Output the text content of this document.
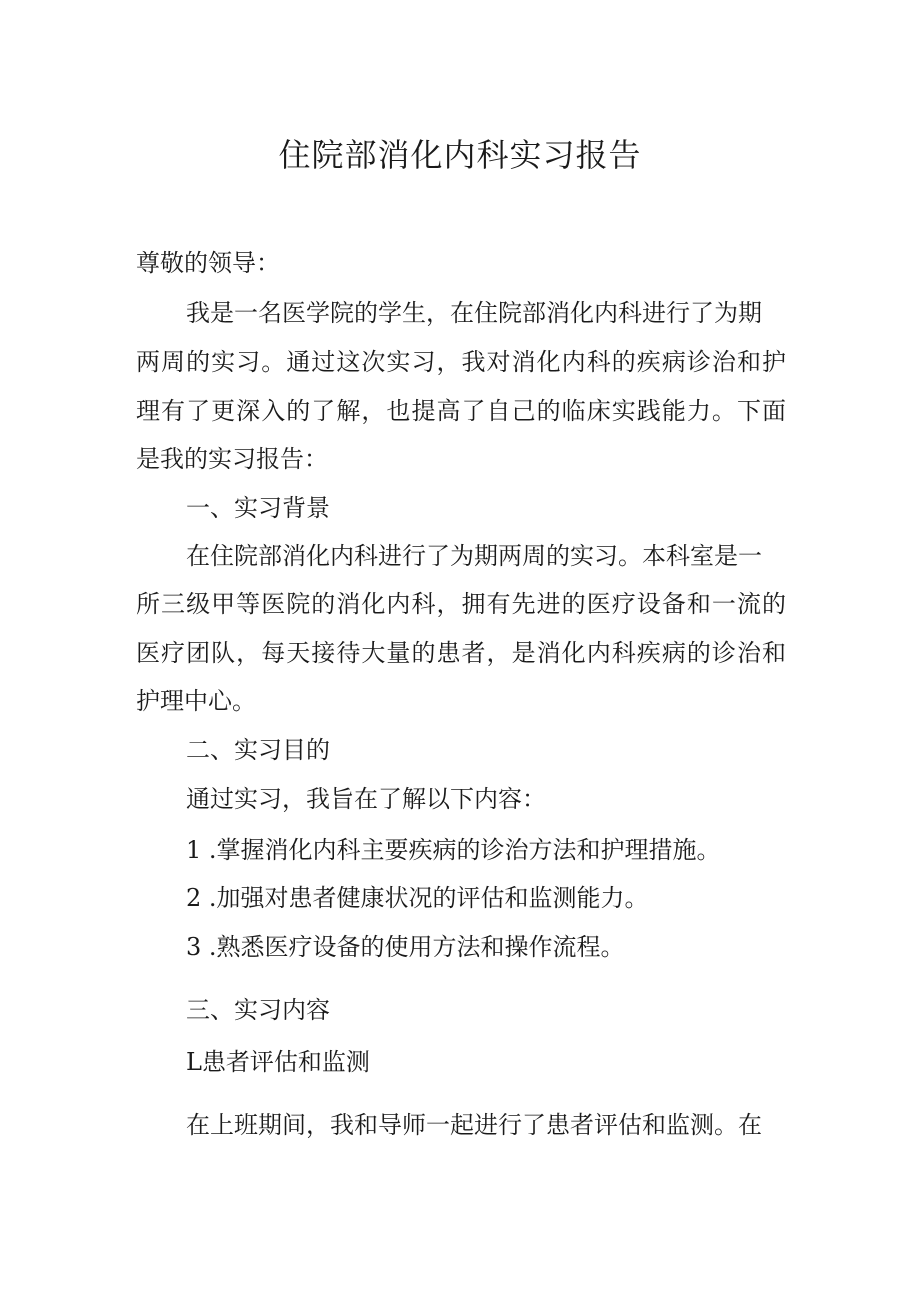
住院部消化内科实习报告

尊敬的领导：

我是一名医学院的学生，在住院部消化内科进行了为期

两周的实习。通过这次实习，我对消化内科的疾病诊治和护

理有了更深入的了解，也提高了自己的临床实践能力。下面

是我的实习报告：

一、实习背景

在住院部消化内科进行了为期两周的实习。本科室是一

所三级甲等医院的消化内科，拥有先进的医疗设备和一流的

医疗团队，每天接待大量的患者，是消化内科疾病的诊治和

护理中心。

二、实习目的

通过实习，我旨在了解以下内容：

1 .掌握消化内科主要疾病的诊治方法和护理措施。

2 .加强对患者健康状况的评估和监测能力。

3 .熟悉医疗设备的使用方法和操作流程。

三、实习内容

L患者评估和监测

在上班期间，我和导师一起进行了患者评估和监测。在
